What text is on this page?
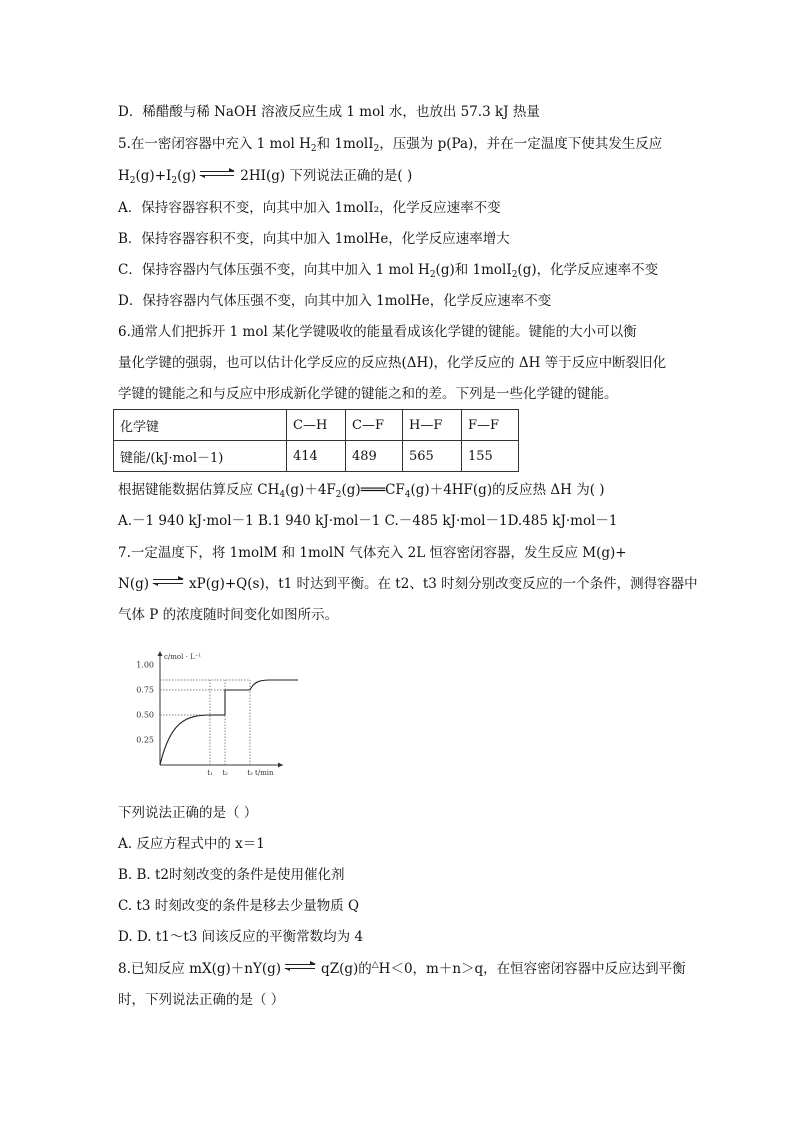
D．稀醋酸与稀 NaOH 溶液反应生成 1 mol 水，也放出 57.3 kJ 热量
5.在一密闭容器中充入 1 mol $H_2$和 1molI$_2$，压强为 p(Pa)，并在一定温度下使其发生反应
$H_2(g)+I_2(g)$ ⇌ 2HI(g) 下列说法正确的是( )
A．保持容器容积不变，向其中加入 1molI₂，化学反应速率不变
B．保持容器容积不变，向其中加入 1molHe，化学反应速率增大
C．保持容器内气体压强不变，向其中加入 1 mol $H_2(g)$和 1molI$_2$(g)，化学反应速率不变
D．保持容器内气体压强不变，向其中加入 1molHe，化学反应速率不变
6.通常人们把拆开 1 mol 某化学键吸收的能量看成该化学键的键能。键能的大小可以衡
量化学键的强弱，也可以估计化学反应的反应热(ΔH)，化学反应的 ΔH 等于反应中断裂旧化
学键的键能之和与反应中形成新化学键的键能之和的差。下列是一些化学键的键能。
化学键	C—H	C—F	H—F	F—F
键能/(kJ·mol－1)	414	489	565	155
根据键能数据估算反应 $CH_4(g)+4F_2(g)═══CF_4(g)+4HF(g)$的反应热 ΔH 为( )
A.－1 940 kJ·mol－1 B.1 940 kJ·mol－1 C.－485 kJ·mol－1D.485 kJ·mol－1
7.一定温度下，将 1molM 和 1molN 气体充入 2L 恒容密闭容器，发生反应 M(g)+
N(g) ⇌ xP(g)+Q(s)，t1 时达到平衡。在 t2、t3 时刻分别改变反应的一个条件，测得容器中
气体 P 的浓度随时间变化如图所示。
c/mol · L⁻¹
t/min
1.00
0.75
0.50
0.25
t₁ t₂	t₃
下列说法正确的是（ ）
A. 反应方程式中的 x＝1
B. B. t2时刻改变的条件是使用催化剂
C. t3 时刻改变的条件是移去少量物质 Q
D. D. t1～t3 间该反应的平衡常数均为 4
8.已知反应 mX(g)＋nY(g) ⇌ qZ(g)的△H＜0，m＋n＞q，在恒容密闭容器中反应达到平衡
时，下列说法正确的是（ ）
